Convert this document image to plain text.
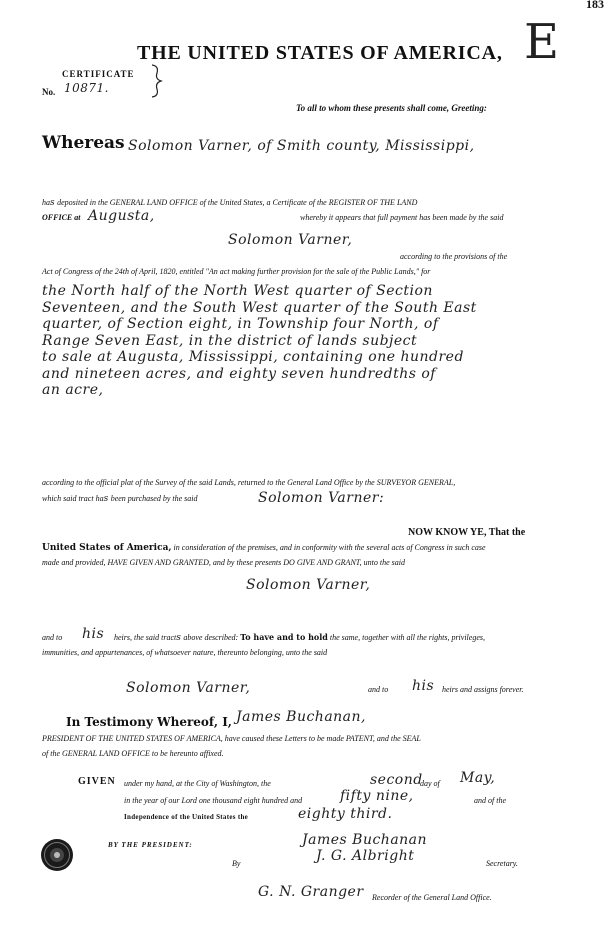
183
THE UNITED STATES OF AMERICA, E
CERTIFICATE
No. 10871.
To all to whom these presents shall come, Greeting:
Whereas Solomon Varner, of Smith county, Mississippi,
has deposited in the GENERAL LAND OFFICE of the United States, a Certificate of the REGISTER OF THE LAND
OFFICE at Augusta,	whereby it appears that full payment has been made by the said
Solomon Varner,
according to the provisions of the
Act of Congress of the 24th of April, 1820, entitled "An act making further provision for the sale of the Public Lands," for
the North half of the North West quarter of Section
Seventeen, and the South West quarter of the South East
quarter, of Section eight, in Township four North, of
Range Seven East, in the district of lands subject
to sale at Augusta, Mississippi, containing one hundred
and nineteen acres, and eighty seven hundredths of
an acre,
according to the official plat of the Survey of the said Lands, returned to the General Land Office by the SURVEYOR GENERAL,
which said tract has been purchased by the said	Solomon Varner:
NOW KNOW YE, That the
United States of America, in consideration of the premises, and in conformity with the several acts of Congress in such case
made and provided, HAVE GIVEN AND GRANTED, and by these presents DO GIVE AND GRANT, unto the said
Solomon Varner,
and to his heirs, the said tracts above described: To have and to hold the same, together with all the rights, privileges,
immunities, and appurtenances, of whatsoever nature, thereunto belonging, unto the said
Solomon Varner,	and to his heirs and assigns forever.
In Testimony Whereof, I, James Buchanan,
PRESIDENT OF THE UNITED STATES OF AMERICA, have caused these Letters to be made PATENT, and the SEAL
of the GENERAL LAND OFFICE to be hereunto affixed.
GIVEN under my hand, at the City of Washington, the	second
day of May,
in the year of our Lord one thousand eight hundred and	fifty nine,	and of the
Independence of the United States the	eighty third.
BY THE PRESIDENT:	James Buchanan
By	J. G. Albright	Secretary.
G. N. Granger Recorder of the General Land Office.
